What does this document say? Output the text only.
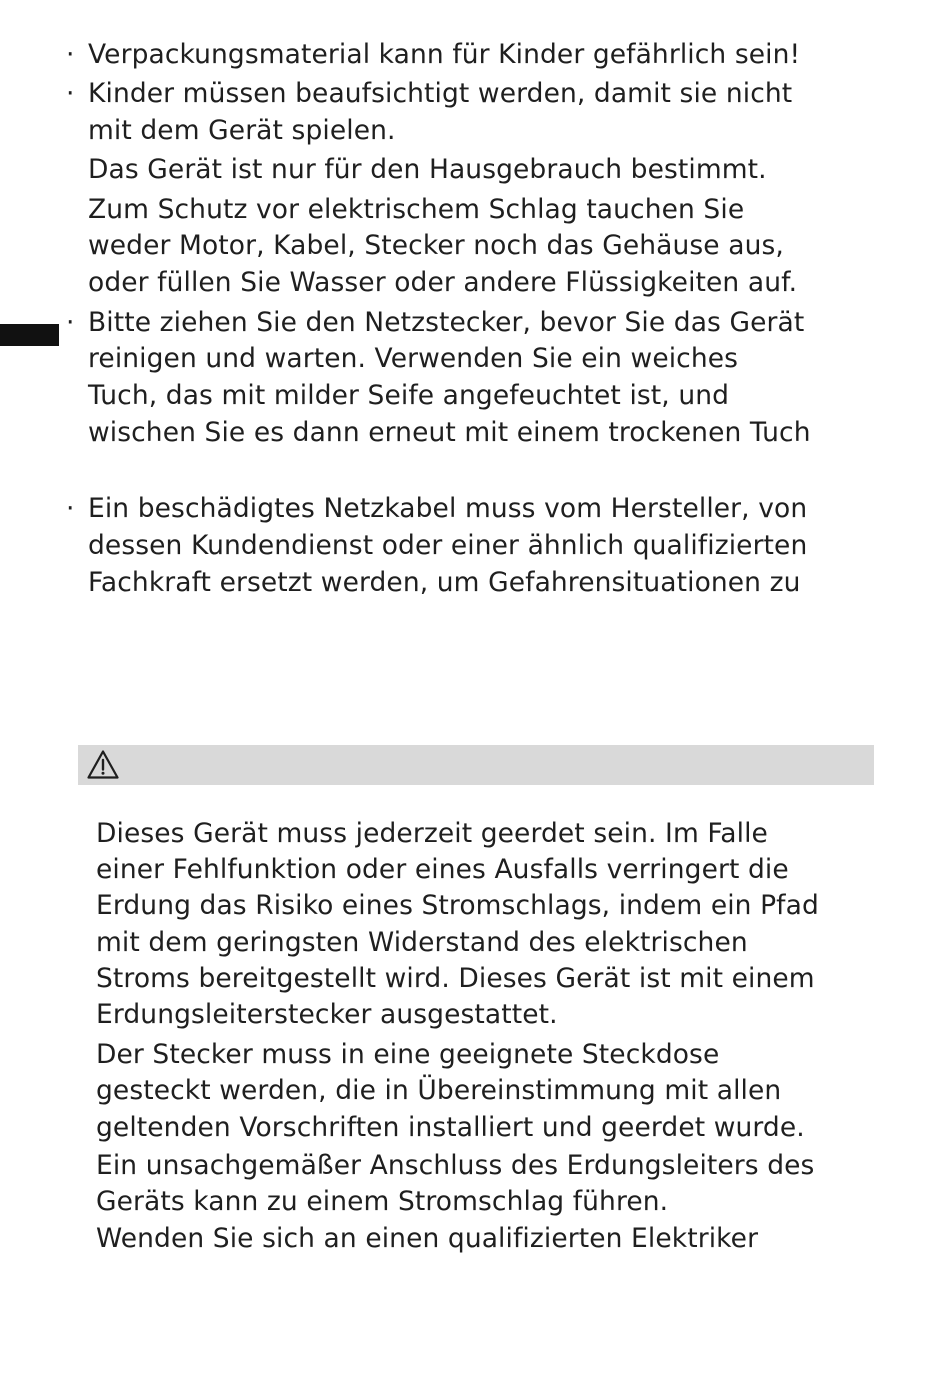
· Verpackungsmaterial kann für Kinder gefährlich sein!
· Kinder müssen beaufsichtigt werden, damit sie nicht
mit dem Gerät spielen.
Das Gerät ist nur für den Hausgebrauch bestimmt.
Zum Schutz vor elektrischem Schlag tauchen Sie
weder Motor, Kabel, Stecker noch das Gehäuse aus,
oder füllen Sie Wasser oder andere Flüssigkeiten auf.
· Bitte ziehen Sie den Netzstecker, bevor Sie das Gerät
reinigen und warten. Verwenden Sie ein weiches
Tuch, das mit milder Seife angefeuchtet ist, und
wischen Sie es dann erneut mit einem trockenen Tuch
· Ein beschädigtes Netzkabel muss vom Hersteller, von
dessen Kundendienst oder einer ähnlich qualifizierten
Fachkraft ersetzt werden, um Gefahrensituationen zu
Dieses Gerät muss jederzeit geerdet sein. Im Falle
einer Fehlfunktion oder eines Ausfalls verringert die
Erdung das Risiko eines Stromschlags, indem ein Pfad
mit dem geringsten Widerstand des elektrischen
Stroms bereitgestellt wird. Dieses Gerät ist mit einem
Erdungsleiterstecker ausgestattet.
Der Stecker muss in eine geeignete Steckdose
gesteckt werden, die in Übereinstimmung mit allen
geltenden Vorschriften installiert und geerdet wurde.
Ein unsachgemäßer Anschluss des Erdungsleiters des
Geräts kann zu einem Stromschlag führen.
Wenden Sie sich an einen qualifizierten Elektriker
